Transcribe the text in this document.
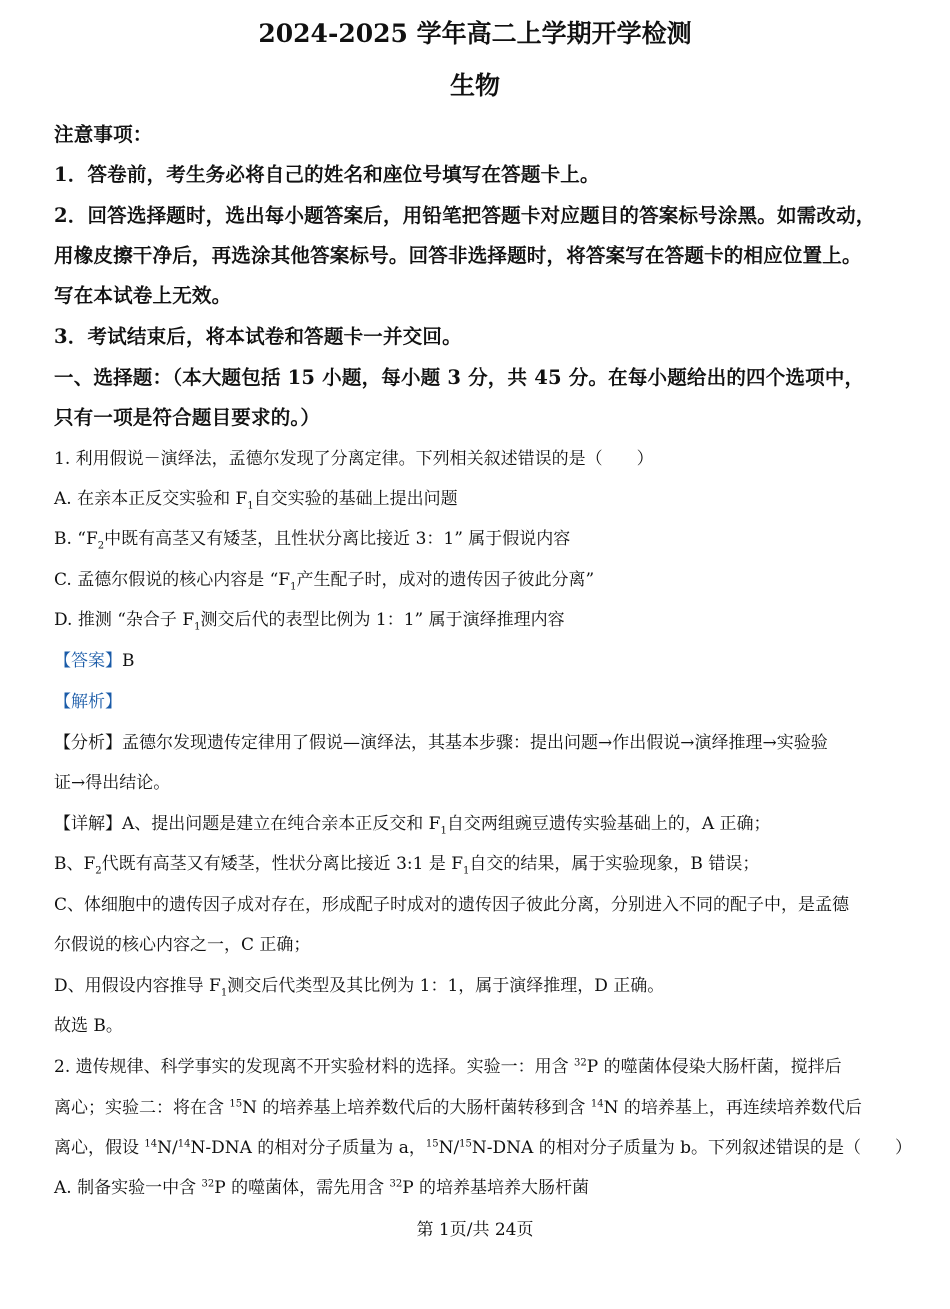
2024-2025 学年高二上学期开学检测
生物
注意事项：
1．答卷前，考生务必将自己的姓名和座位号填写在答题卡上。
2．回答选择题时，选出每小题答案后，用铅笔把答题卡对应题目的答案标号涂黑。如需改动，
用橡皮擦干净后，再选涂其他答案标号。回答非选择题时，将答案写在答题卡的相应位置上。
写在本试卷上无效。
3．考试结束后，将本试卷和答题卡一并交回。
一、选择题：（本大题包括 15 小题，每小题 3 分，共 45 分。在每小题给出的四个选项中，
只有一项是符合题目要求的。）
1. 利用假说－演绎法，孟德尔发现了分离定律。下列相关叙述错误的是（　　）
A. 在亲本正反交实验和 $F_1$自交实验的基础上提出问题
B. “$F_2$中既有高茎又有矮茎，且性状分离比接近 3：1” 属于假说内容
C. 孟德尔假说的核心内容是 “$F_1$产生配子时，成对的遗传因子彼此分离”
D. 推测 “杂合子 $F_1$测交后代的表型比例为 1：1” 属于演绎推理内容
【答案】B
【解析】
【分析】孟德尔发现遗传定律用了假说—演绎法，其基本步骤：提出问题→作出假说→演绎推理→实验验
证→得出结论。
【详解】A、提出问题是建立在纯合亲本正反交和 $F_1$自交两组豌豆遗传实验基础上的，A 正确；
B、$F_2$代既有高茎又有矮茎，性状分离比接近 3:1 是 $F_1$自交的结果，属于实验现象，B 错误；
C、体细胞中的遗传因子成对存在，形成配子时成对的遗传因子彼此分离，分别进入不同的配子中，是孟德
尔假说的核心内容之一，C 正确；
D、用假设内容推导 $F_1$测交后代类型及其比例为 1：1，属于演绎推理，D 正确。
故选 B。
2. 遗传规律、科学事实的发现离不开实验材料的选择。实验一：用含 $^{32}$P 的噬菌体侵染大肠杆菌，搅拌后
离心；实验二：将在含 $^{15}$N 的培养基上培养数代后的大肠杆菌转移到含 $^{14}$N 的培养基上，再连续培养数代后
离心，假设 $^{14}$N/$^{14}$N-DNA 的相对分子质量为 a，$^{15}$N/$^{15}$N-DNA 的相对分子质量为 b。下列叙述错误的是（　　）
A. 制备实验一中含 $^{32}$P 的噬菌体，需先用含 $^{32}$P 的培养基培养大肠杆菌
第 1页/共 24页
